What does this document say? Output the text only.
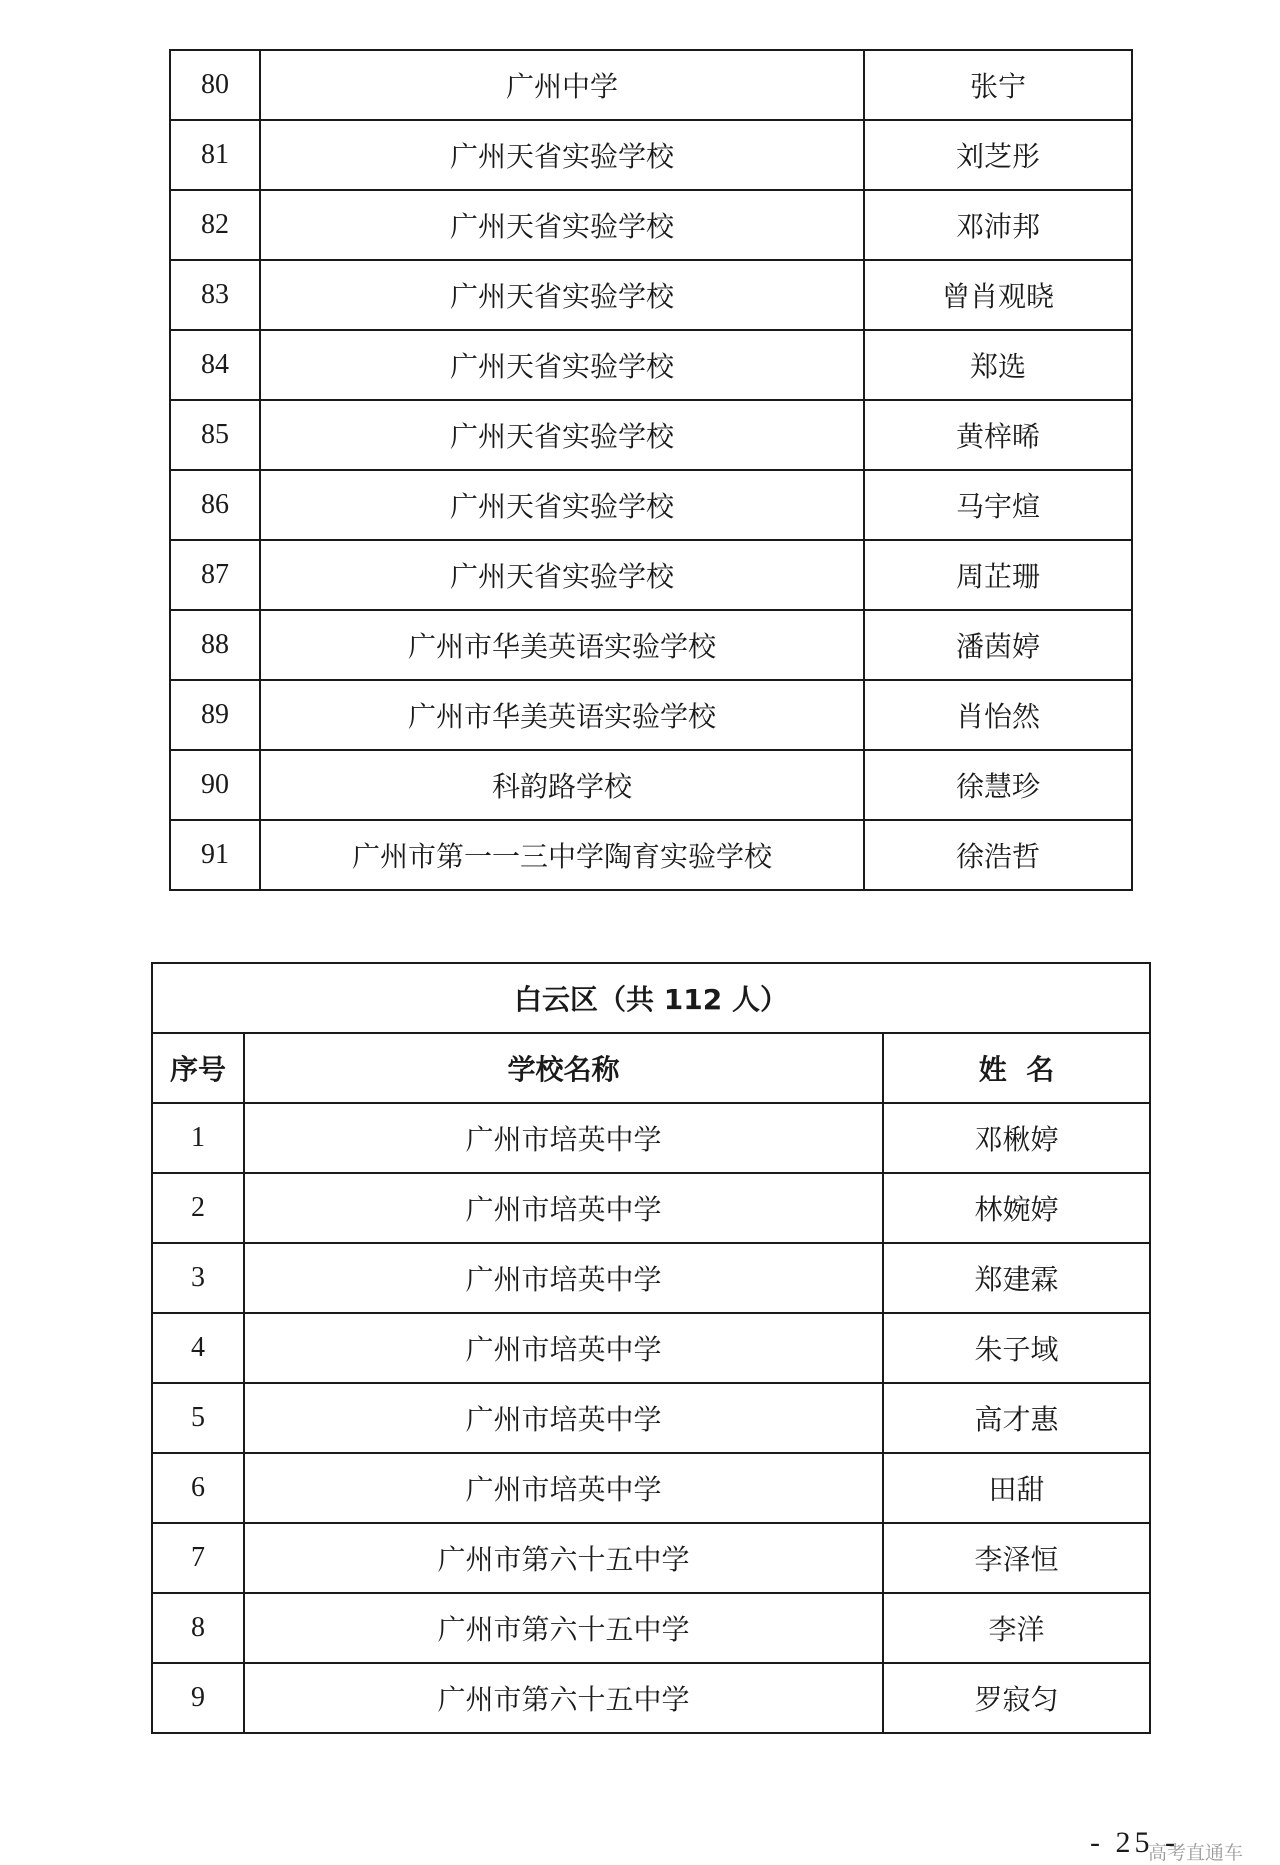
80	广州中学	张宁
81	广州天省实验学校	刘芝彤
82	广州天省实验学校	邓沛邦
83	广州天省实验学校	曾肖观晓
84	广州天省实验学校	郑选
85	广州天省实验学校	黄梓晞
86	广州天省实验学校	马宇煊
87	广州天省实验学校	周芷珊
88	广州市华美英语实验学校	潘茵婷
89	广州市华美英语实验学校	肖怡然
90	科韵路学校	徐慧珍
91	广州市第一一三中学陶育实验学校	徐浩哲
白云区（共 112 人）		
序号	学校名称	姓  名
1	广州市培英中学	邓楸婷
2	广州市培英中学	林婉婷
3	广州市培英中学	郑建霖
4	广州市培英中学	朱子域
5	广州市培英中学	高才惠
6	广州市培英中学	田甜
7	广州市第六十五中学	李泽恒
8	广州市第六十五中学	李洋
9	广州市第六十五中学	罗寂匀
- 25 -
高考直通车
